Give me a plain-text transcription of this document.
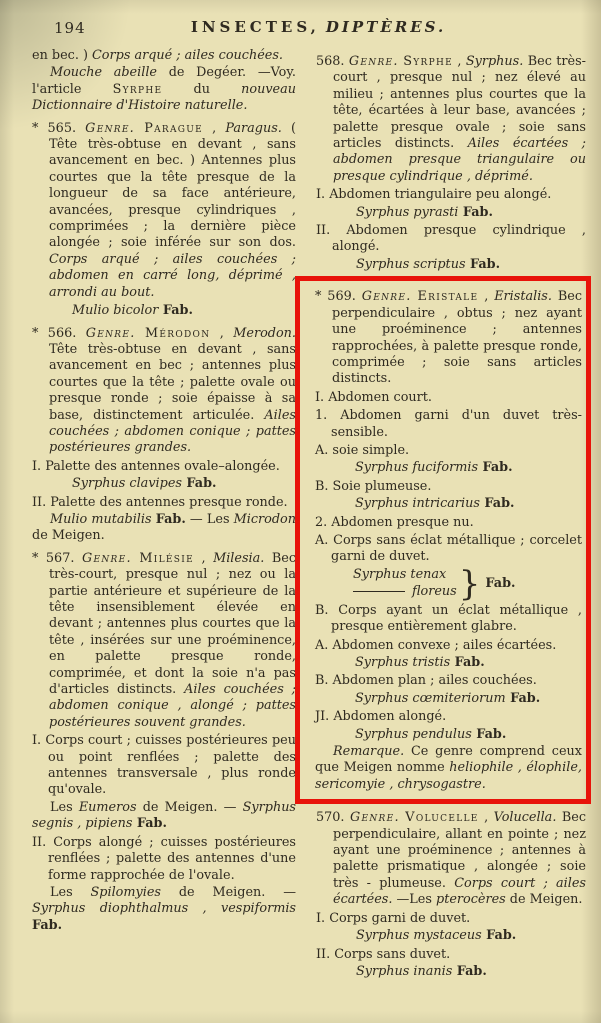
194	INSECTES, DIPTÈRES.

en bec. ) Corps arqué ; ailes couchées.

Mouche abeille de Degéer. —Voy. l'article Syrphe du nouveau Dictionnaire d'Histoire naturelle.

* 565. Genre. Parague , Paragus. ( Tête très-obtuse en devant , sans avancement en bec. ) Antennes plus courtes que la tête presque de la longueur de sa face antérieure, avancées, presque cylindriques , comprimées ; la dernière pièce alongée ; soie inférée sur son dos. Corps arqué ; ailes couchées ; abdomen en carré long, déprimé , arrondi au bout.

Mulio bicolor Fab.

* 566. Genre. Mérodon , Merodon. Tête très-obtuse en devant , sans avancement en bec ; antennes plus courtes que la tête ; palette ovale ou presque ronde ; soie épaisse à sa base, distinctement articulée. Ailes couchées ; abdomen conique ; pattes postérieures grandes.

I. Palette des antennes ovale–alongée.

Syrphus clavipes Fab.

II. Palette des antennes presque ronde.

Mulio mutabilis Fab. — Les Microdon de Meigen.

* 567. Genre. Milésie , Milesia. Bec très-court, presque nul ; nez ou la partie antérieure et supérieure de la tête insensiblement élevée en devant ; antennes plus courtes que la tête , insérées sur une proéminence, en palette presque ronde, comprimée, et dont la soie n'a pas d'articles distincts. Ailes couchées ; abdomen conique , alongé ; pattes postérieures souvent grandes.

I. Corps court ; cuisses postérieures peu ou point renflées ; palette des antennes transversale , plus ronde qu'ovale.

Les Eumeros de Meigen. — Syrphus segnis , pipiens Fab.

II. Corps alongé ; cuisses postérieures renflées ; palette des antennes d'une forme rapprochée de l'ovale.

Les Spilomyies de Meigen. — Syrphus diophthalmus , vespiformis Fab.

568. Genre. Syrphe , Syrphus. Bec très-court , presque nul ; nez élevé au milieu ; antennes plus courtes que la tête, écartées à leur base, avancées ; palette presque ovale ; soie sans articles distincts. Ailes écartées ; abdomen presque triangulaire ou presque cylindrique , déprimé.

I. Abdomen triangulaire peu alongé.

Syrphus pyrasti Fab.

II. Abdomen presque cylindrique , alongé.

Syrphus scriptus Fab.

* 569. Genre. Eristale , Eristalis. Bec perpendiculaire , obtus ; nez ayant une proéminence ; antennes rapprochées, à palette presque ronde, comprimée ; soie sans articles distincts.

I. Abdomen court.

1. Abdomen garni d'un duvet très-sensible.

A. soie simple.

Syrphus fuciformis Fab.

B. Soie plumeuse.

Syrphus intricarius Fab.

2. Abdomen presque nu.

A. Corps sans éclat métallique ; corcelet garni de duvet.

Syrphus tenax
floreus } Fab.

B. Corps ayant un éclat métallique , presque entièrement glabre.

A. Abdomen convexe ; ailes écartées.

Syrphus tristis Fab.

B. Abdomen plan ; ailes couchées.

Syrphus cœmiteriorum Fab.

JI. Abdomen alongé.

Syrphus pendulus Fab.

Remarque. Ce genre comprend ceux que Meigen nomme heliophile , élophile, sericomyie , chrysogastre.

570. Genre. Volucelle , Volucella. Bec perpendiculaire, allant en pointe ; nez ayant une proéminence ; antennes à palette prismatique , alongée ; soie très - plumeuse. Corps court ; ailes écartées. —Les pterocères de Meigen.

I. Corps garni de duvet.

Syrphus mystaceus Fab.

II. Corps sans duvet.

Syrphus inanis Fab.
